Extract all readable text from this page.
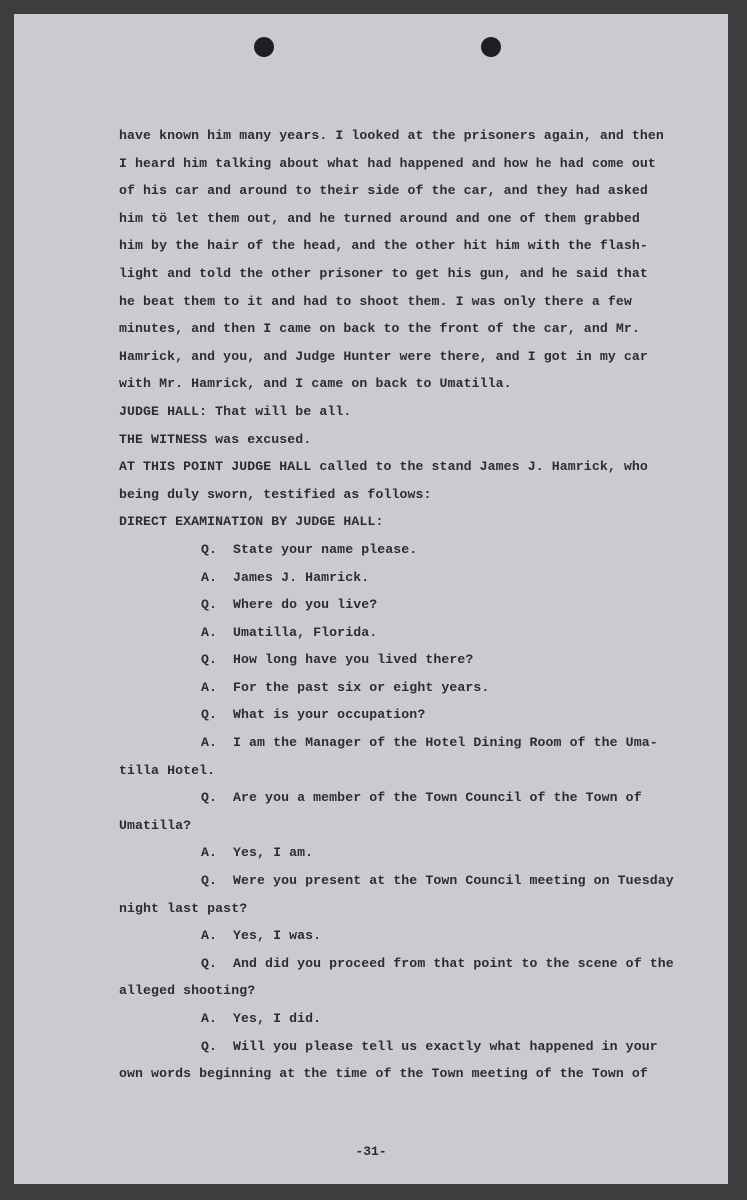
have known him many years. I looked at the prisoners again, and then
I heard him talking about what had happened and how he had come out
of his car and around to their side of the car, and they had asked
him tö let them out, and he turned around and one of them grabbed
him by the hair of the head, and the other hit him with the flash-
light and told the other prisoner to get his gun, and he said that
he beat them to it and had to shoot them. I was only there a few
minutes, and then I came on back to the front of the car, and Mr.
Hamrick, and you, and Judge Hunter were there, and I got in my car
with Mr. Hamrick, and I came on back to Umatilla.
JUDGE HALL: That will be all.
THE WITNESS was excused.
AT THIS POINT JUDGE HALL called to the stand James J. Hamrick, who
being duly sworn, testified as follows:
DIRECT EXAMINATION BY JUDGE HALL:
Q. State your name please.
A. James J. Hamrick.
Q. Where do you live?
A. Umatilla, Florida.
Q. How long have you lived there?
A. For the past six or eight years.
Q. What is your occupation?
A. I am the Manager of the Hotel Dining Room of the Uma-
tilla Hotel.
Q. Are you a member of the Town Council of the Town of
Umatilla?
A. Yes, I am.
Q. Were you present at the Town Council meeting on Tuesday
night last past?
A. Yes, I was.
Q. And did you proceed from that point to the scene of the
alleged shooting?
A. Yes, I did.
Q. Will you please tell us exactly what happened in your
own words beginning at the time of the Town meeting of the Town of
-31-
